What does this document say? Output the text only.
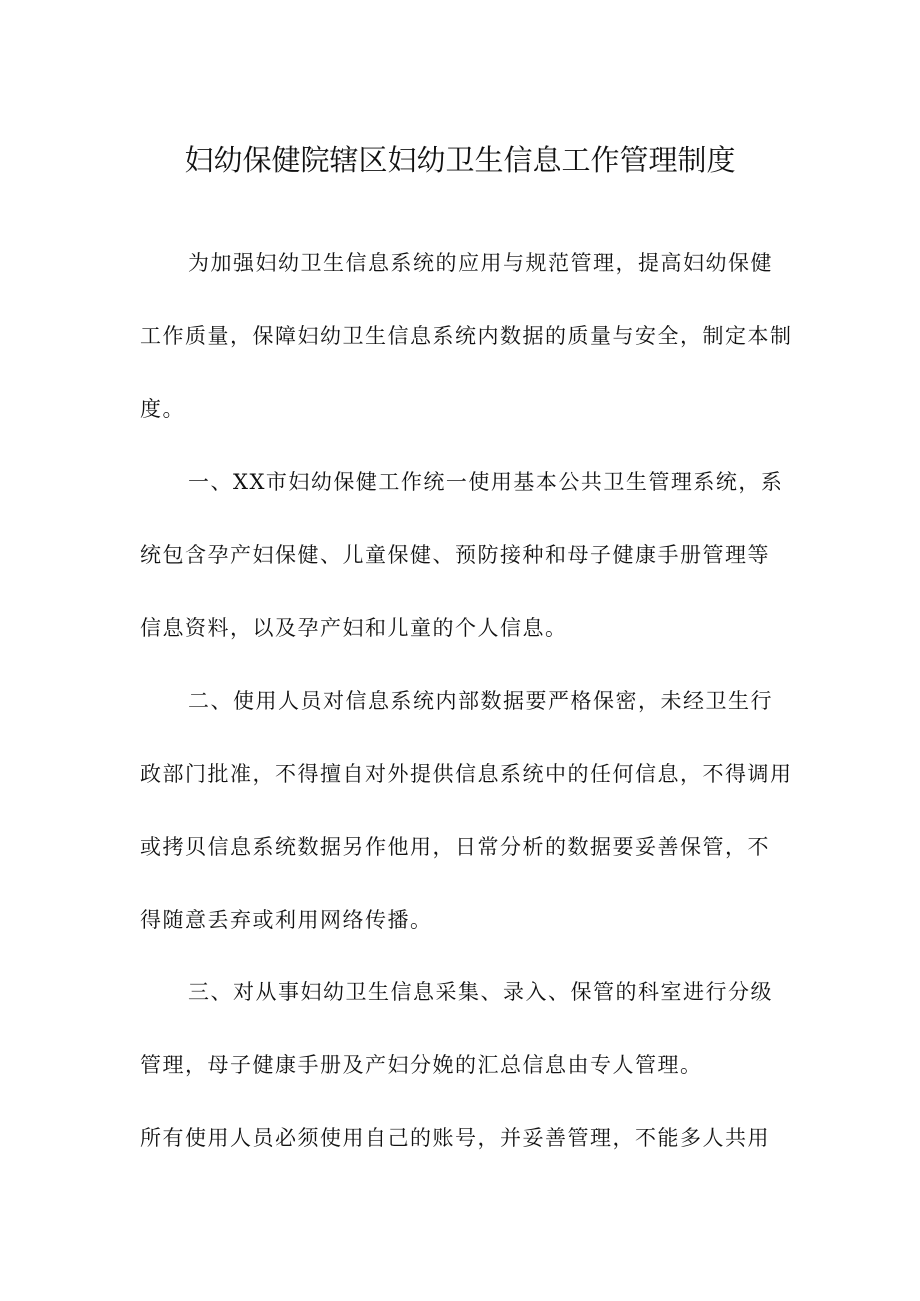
妇幼保健院辖区妇幼卫生信息工作管理制度
为加强妇幼卫生信息系统的应用与规范管理，提高妇幼保健
工作质量，保障妇幼卫生信息系统内数据的质量与安全，制定本制
度。
一、XX市妇幼保健工作统一使用基本公共卫生管理系统，系
统包含孕产妇保健、儿童保健、预防接种和母子健康手册管理等
信息资料，以及孕产妇和儿童的个人信息。
二、使用人员对信息系统内部数据要严格保密，未经卫生行
政部门批准，不得擅自对外提供信息系统中的任何信息，不得调用
或拷贝信息系统数据另作他用，日常分析的数据要妥善保管，不
得随意丢弃或利用网络传播。
三、对从事妇幼卫生信息采集、录入、保管的科室进行分级
管理，母子健康手册及产妇分娩的汇总信息由专人管理。
所有使用人员必须使用自己的账号，并妥善管理，不能多人共用
